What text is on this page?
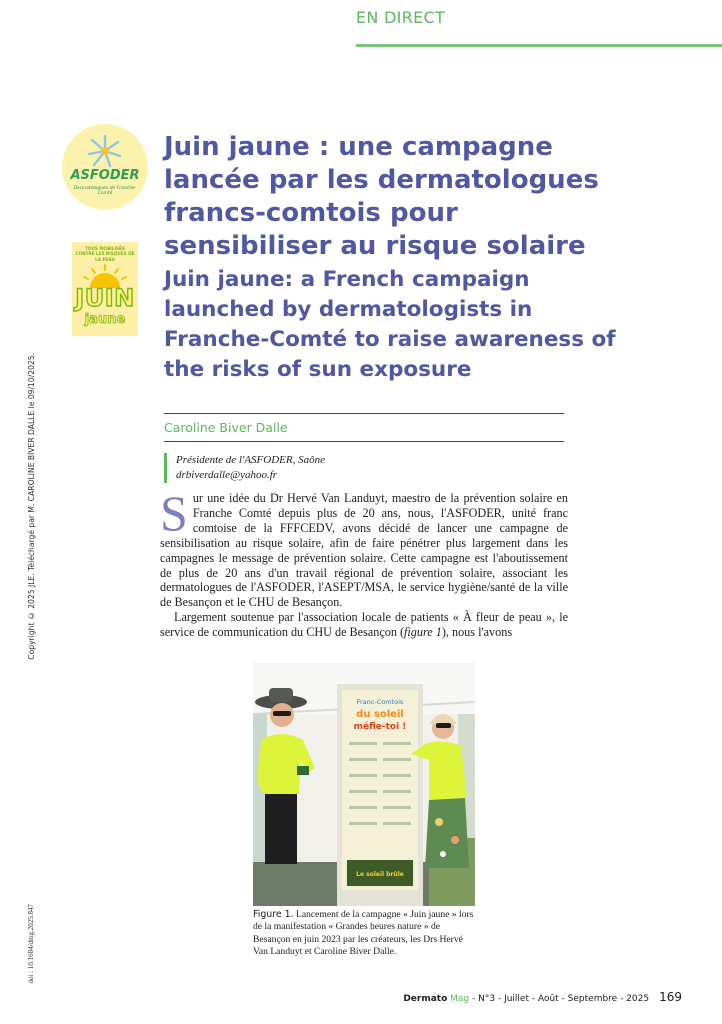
EN DIRECT
Copyright © 2025 JLE. Téléchargé par M. CAROLINE BIVER DALLE le 09/10/2025.
doi : 10.1684/dmg.2025.847
ASFODER
Dermatologues de Franche-Comté
TOUS MOBILISÉS CONTRE LES RISQUES DE LA PEAU
JUIN
jaune
Juin jaune : une campagne lancée par les dermatologues francs-comtois pour sensibiliser au risque solaire
Juin jaune: a French campaign launched by dermatologists in Franche-Comté to raise awareness of the risks of sun exposure
Caroline Biver Dalle
Présidente de l'ASFODER, Saône
drbiverdalle@yahoo.fr

Sur une idée du Dr Hervé Van Landuyt, maestro de la prévention solaire en Franche Comté depuis plus de 20 ans, nous, l'ASFODER, unité franc comtoise de la FFFCEDV, avons décidé de lancer une campagne de sensibilisation au risque solaire, afin de faire pénétrer plus largement dans les campagnes le message de prévention solaire. Cette campagne est l'aboutissement de plus de 20 ans d'un travail régional de prévention solaire, associant les dermatologues de l'ASFODER, l'ASEPT/MSA, le service hygiène/santé de la ville de Besançon et le CHU de Besançon.

Largement soutenue par l'association locale de patients « À fleur de peau », le service de communication du CHU de Besançon (figure 1), nous l'avons

Franc-Comtois
du soleil
méfie-toi !
Le soleil brûle
Figure 1. Lancement de la campagne « Juin jaune » lors de la manifestation « Grandes heures nature » de Besançon en juin 2023 par les créateurs, les Drs Hervé Van Landuyt et Caroline Biver Dalle.
Dermato Mag - N°3 - Juillet - Août - Septembre - 2025 169
